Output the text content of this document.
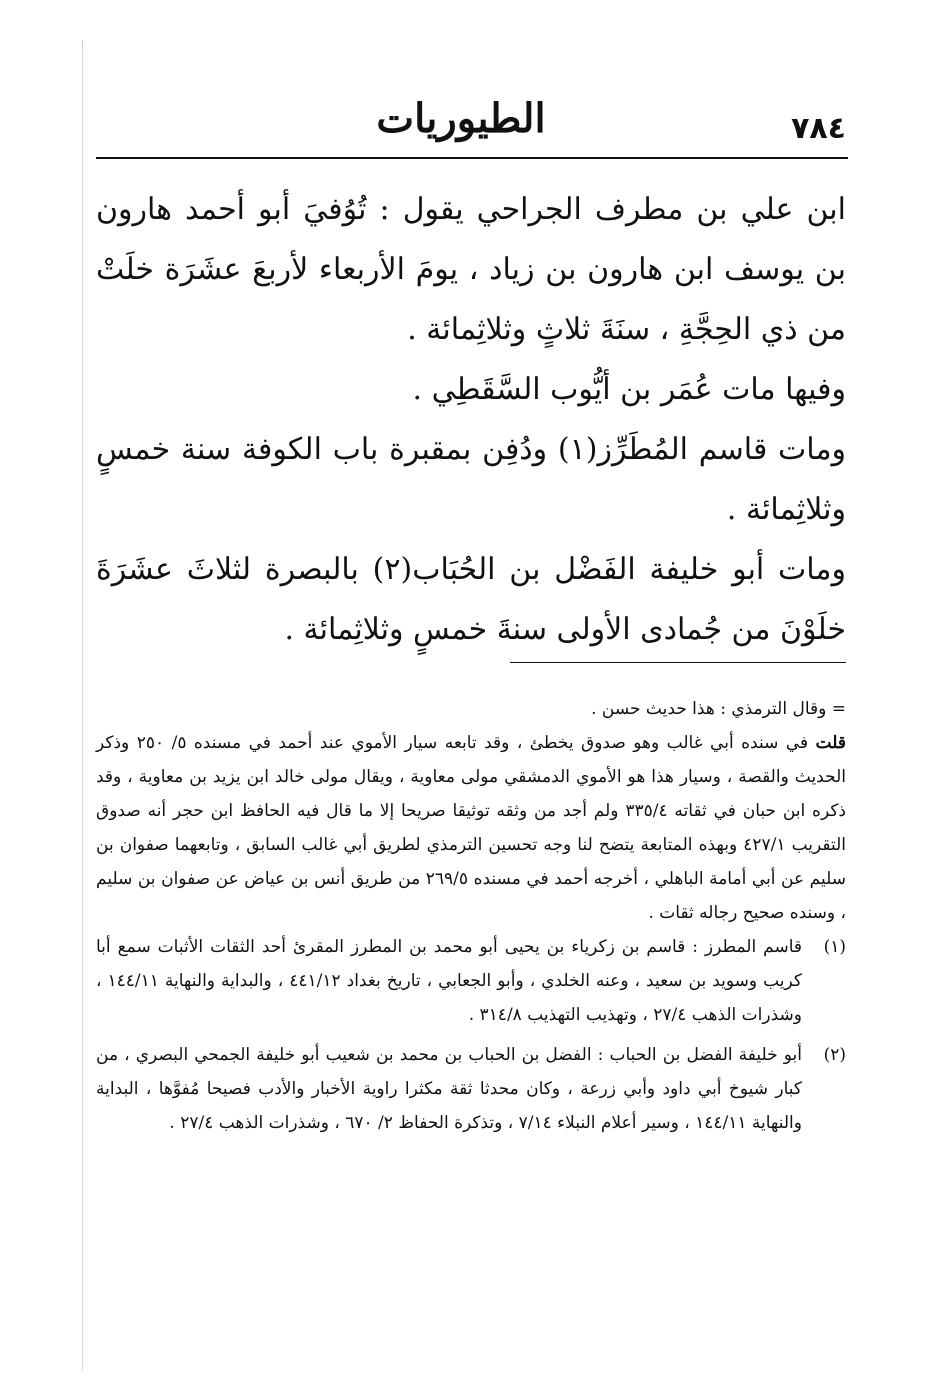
٧٨٤
الطيوريات

ابن علي بن مطرف الجراحي يقول : تُوُفيَ أبو أحمد هارون بن يوسف ابن هارون بن زياد ، يومَ الأربعاء لأربعَ عشَرَة خلَتْ من ذي الحِجَّةِ ، سنَةَ ثلاثٍ وثلاثِمائة .

وفيها مات عُمَر بن أيُّوب السَّقَطِي .

ومات قاسم المُطَرِّز(١) ودُفِن بمقبرة باب الكوفة سنة خمسٍ وثلاثِمائة .

ومات أبو خليفة الفَضْل بن الحُبَاب(٢) بالبصرة لثلاثَ عشَرَةَ خلَوْنَ من جُمادى الأولى سنةَ خمسٍ وثلاثِمائة .

= وقال الترمذي : هذا حديث حسن .

قلت في سنده أبي غالب وهو صدوق يخطئ ، وقد تابعه سيار الأموي عند أحمد في مسنده ٥/ ٢٥٠ وذكر الحديث والقصة ، وسيار هذا هو الأموي الدمشقي مولى معاوية ، ويقال مولى خالد ابن يزيد بن معاوية ، وقد ذكره ابن حبان في ثقاته ٣٣٥/٤ ولم أجد من وثقه توثيقا صريحا إلا ما قال فيه الحافظ ابن حجر أنه صدوق التقريب ٤٢٧/١ وبهذه المتابعة يتضح لنا وجه تحسين الترمذي لطريق أبي غالب السابق ، وتابعهما صفوان بن سليم عن أبي أمامة الباهلي ، أخرجه أحمد في مسنده ٢٦٩/٥ من طريق أنس بن عياض عن صفوان بن سليم ، وسنده صحيح رجاله ثقات .

(١)
قاسم المطرز : قاسم بن زكرياء بن يحيى أبو محمد بن المطرز المقرئ أحد الثقات الأثبات سمع أبا كريب وسويد بن سعيد ، وعنه الخلدي ، وأبو الجعابي ، تاريخ بغداد ٤٤١/١٢ ، والبداية والنهاية ١٤٤/١١ ، وشذرات الذهب ٢٧/٤ ، وتهذيب التهذيب ٣١٤/٨ .
(٢)
أبو خليفة الفضل بن الحباب : الفضل بن الحباب بن محمد بن شعيب أبو خليفة الجمحي البصري ، من كبار شيوخ أبي داود وأبي زرعة ، وكان محدثا ثقة مكثرا راوية الأخبار والأدب فصيحا مُفوَّها ، البداية والنهاية ١٤٤/١١ ، وسير أعلام النبلاء ٧/١٤ ، وتذكرة الحفاظ ٢/ ٦٧٠ ، وشذرات الذهب ٢٧/٤ .
